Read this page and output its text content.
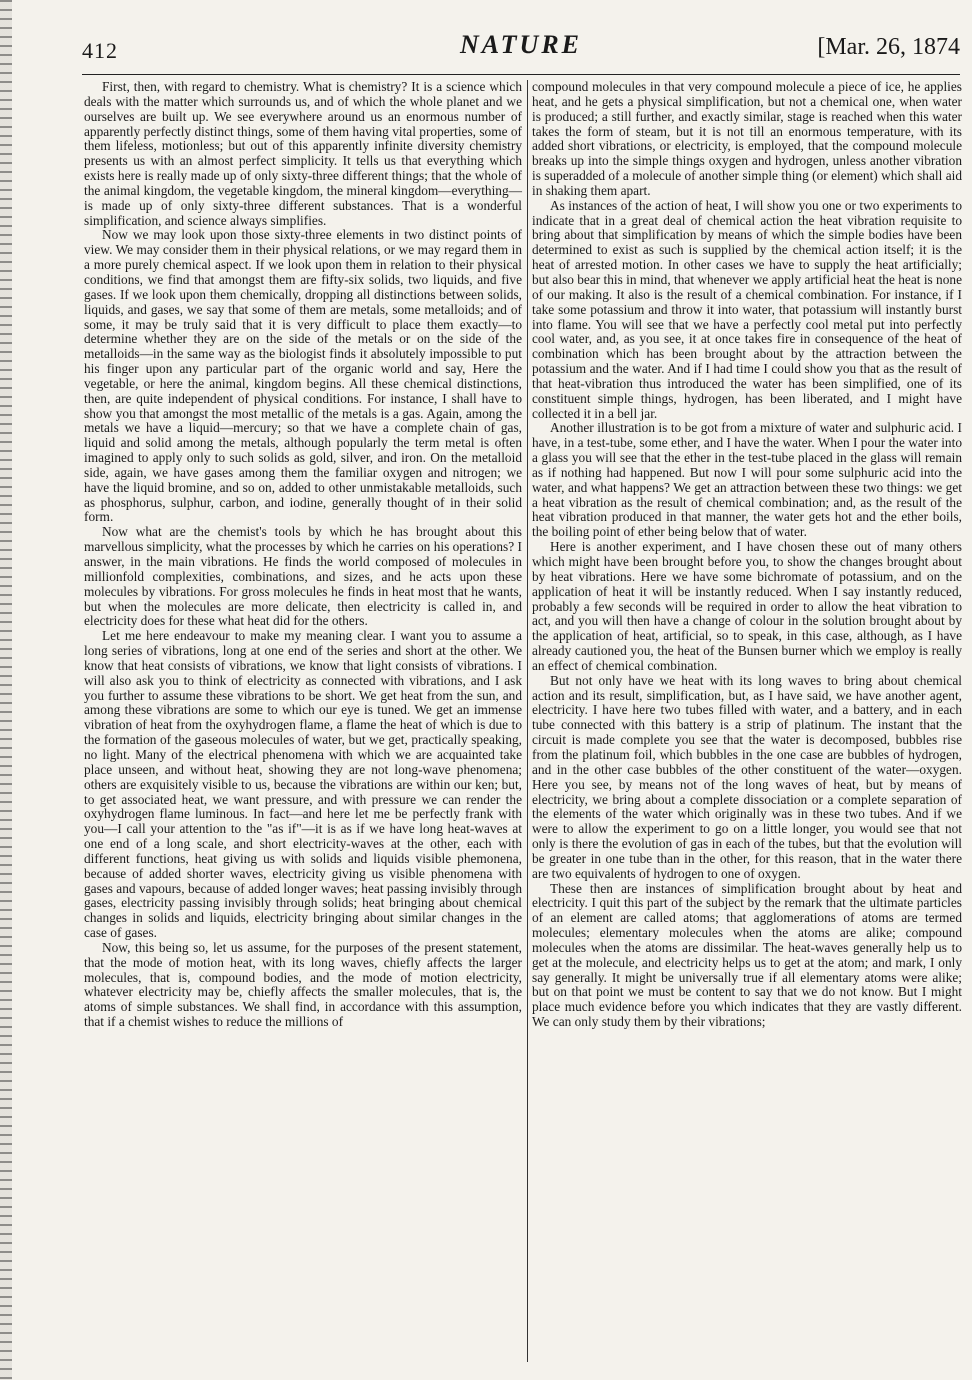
412	NATURE	[Mar. 26, 1874

First, then, with regard to chemistry. What is chemistry? It is a science which deals with the matter which surrounds us, and of which the whole planet and we ourselves are built up. We see everywhere around us an enormous number of apparently perfectly distinct things, some of them having vital properties, some of them lifeless, motionless; but out of this apparently infinite diversity chemistry presents us with an almost perfect simplicity. It tells us that everything which exists here is really made up of only sixty-three different things; that the whole of the animal kingdom, the vegetable kingdom, the mineral kingdom—everything—is made up of only sixty-three different substances. That is a wonderful simplification, and science always simplifies.

Now we may look upon those sixty-three elements in two distinct points of view. We may consider them in their physical relations, or we may regard them in a more purely chemical aspect. If we look upon them in relation to their physical conditions, we find that amongst them are fifty-six solids, two liquids, and five gases. If we look upon them chemically, dropping all distinctions between solids, liquids, and gases, we say that some of them are metals, some metalloids; and of some, it may be truly said that it is very difficult to place them exactly—to determine whether they are on the side of the metals or on the side of the metalloids—in the same way as the biologist finds it absolutely impossible to put his finger upon any particular part of the organic world and say, Here the vegetable, or here the animal, kingdom begins. All these chemical distinctions, then, are quite independent of physical conditions. For instance, I shall have to show you that amongst the most metallic of the metals is a gas. Again, among the metals we have a liquid—mercury; so that we have a complete chain of gas, liquid and solid among the metals, although popularly the term metal is often imagined to apply only to such solids as gold, silver, and iron. On the metalloid side, again, we have gases among them the familiar oxygen and nitrogen; we have the liquid bromine, and so on, added to other unmistakable metalloids, such as phosphorus, sulphur, carbon, and iodine, generally thought of in their solid form.

Now what are the chemist's tools by which he has brought about this marvellous simplicity, what the processes by which he carries on his operations? I answer, in the main vibrations. He finds the world composed of molecules in millionfold complexities, combinations, and sizes, and he acts upon these molecules by vibrations. For gross molecules he finds in heat most that he wants, but when the molecules are more delicate, then electricity is called in, and electricity does for these what heat did for the others.

Let me here endeavour to make my meaning clear. I want you to assume a long series of vibrations, long at one end of the series and short at the other. We know that heat consists of vibrations, we know that light consists of vibrations. I will also ask you to think of electricity as connected with vibrations, and I ask you further to assume these vibrations to be short. We get heat from the sun, and among these vibrations are some to which our eye is tuned. We get an immense vibration of heat from the oxyhydrogen flame, a flame the heat of which is due to the formation of the gaseous molecules of water, but we get, practically speaking, no light. Many of the electrical phenomena with which we are acquainted take place unseen, and without heat, showing they are not long-wave phenomena; others are exquisitely visible to us, because the vibrations are within our ken; but, to get associated heat, we want pressure, and with pressure we can render the oxyhydrogen flame luminous. In fact—and here let me be perfectly frank with you—I call your attention to the "as if"—it is as if we have long heat-waves at one end of a long scale, and short electricity-waves at the other, each with different functions, heat giving us with solids and liquids visible phemonena, because of added shorter waves, electricity giving us visible phenomena with gases and vapours, because of added longer waves; heat passing invisibly through gases, electricity passing invisibly through solids; heat bringing about chemical changes in solids and liquids, electricity bringing about similar changes in the case of gases.

Now, this being so, let us assume, for the purposes of the present statement, that the mode of motion heat, with its long waves, chiefly affects the larger molecules, that is, compound bodies, and the mode of motion electricity, whatever electricity may be, chiefly affects the smaller molecules, that is, the atoms of simple substances. We shall find, in accordance with this assumption, that if a chemist wishes to reduce the millions of

compound molecules in that very compound molecule a piece of ice, he applies heat, and he gets a physical simplification, but not a chemical one, when water is produced; a still further, and exactly similar, stage is reached when this water takes the form of steam, but it is not till an enormous temperature, with its added short vibrations, or electricity, is employed, that the compound molecule breaks up into the simple things oxygen and hydrogen, unless another vibration is superadded of a molecule of another simple thing (or element) which shall aid in shaking them apart.

As instances of the action of heat, I will show you one or two experiments to indicate that in a great deal of chemical action the heat vibration requisite to bring about that simplification by means of which the simple bodies have been determined to exist as such is supplied by the chemical action itself; it is the heat of arrested motion. In other cases we have to supply the heat artificially; but also bear this in mind, that whenever we apply artificial heat the heat is none of our making. It also is the result of a chemical combination. For instance, if I take some potassium and throw it into water, that potassium will instantly burst into flame. You will see that we have a perfectly cool metal put into perfectly cool water, and, as you see, it at once takes fire in consequence of the heat of combination which has been brought about by the attraction between the potassium and the water. And if I had time I could show you that as the result of that heat-vibration thus introduced the water has been simplified, one of its constituent simple things, hydrogen, has been liberated, and I might have collected it in a bell jar.

Another illustration is to be got from a mixture of water and sulphuric acid. I have, in a test-tube, some ether, and I have the water. When I pour the water into a glass you will see that the ether in the test-tube placed in the glass will remain as if nothing had happened. But now I will pour some sulphuric acid into the water, and what happens? We get an attraction between these two things: we get a heat vibration as the result of chemical combination; and, as the result of the heat vibration produced in that manner, the water gets hot and the ether boils, the boiling point of ether being below that of water.

Here is another experiment, and I have chosen these out of many others which might have been brought before you, to show the changes brought about by heat vibrations. Here we have some bichromate of potassium, and on the application of heat it will be instantly reduced. When I say instantly reduced, probably a few seconds will be required in order to allow the heat vibration to act, and you will then have a change of colour in the solution brought about by the application of heat, artificial, so to speak, in this case, although, as I have already cautioned you, the heat of the Bunsen burner which we employ is really an effect of chemical combination.

But not only have we heat with its long waves to bring about chemical action and its result, simplification, but, as I have said, we have another agent, electricity. I have here two tubes filled with water, and a battery, and in each tube connected with this battery is a strip of platinum. The instant that the circuit is made complete you see that the water is decomposed, bubbles rise from the platinum foil, which bubbles in the one case are bubbles of hydrogen, and in the other case bubbles of the other constituent of the water—oxygen. Here you see, by means not of the long waves of heat, but by means of electricity, we bring about a complete dissociation or a complete separation of the elements of the water which originally was in these two tubes. And if we were to allow the experiment to go on a little longer, you would see that not only is there the evolution of gas in each of the tubes, but that the evolution will be greater in one tube than in the other, for this reason, that in the water there are two equivalents of hydrogen to one of oxygen.

These then are instances of simplification brought about by heat and electricity. I quit this part of the subject by the remark that the ultimate particles of an element are called atoms; that agglomerations of atoms are termed molecules; elementary molecules when the atoms are alike; compound molecules when the atoms are dissimilar. The heat-waves generally help us to get at the molecule, and electricity helps us to get at the atom; and mark, I only say generally. It might be universally true if all elementary atoms were alike; but on that point we must be content to say that we do not know. But I might place much evidence before you which indicates that they are vastly different. We can only study them by their vibrations;
